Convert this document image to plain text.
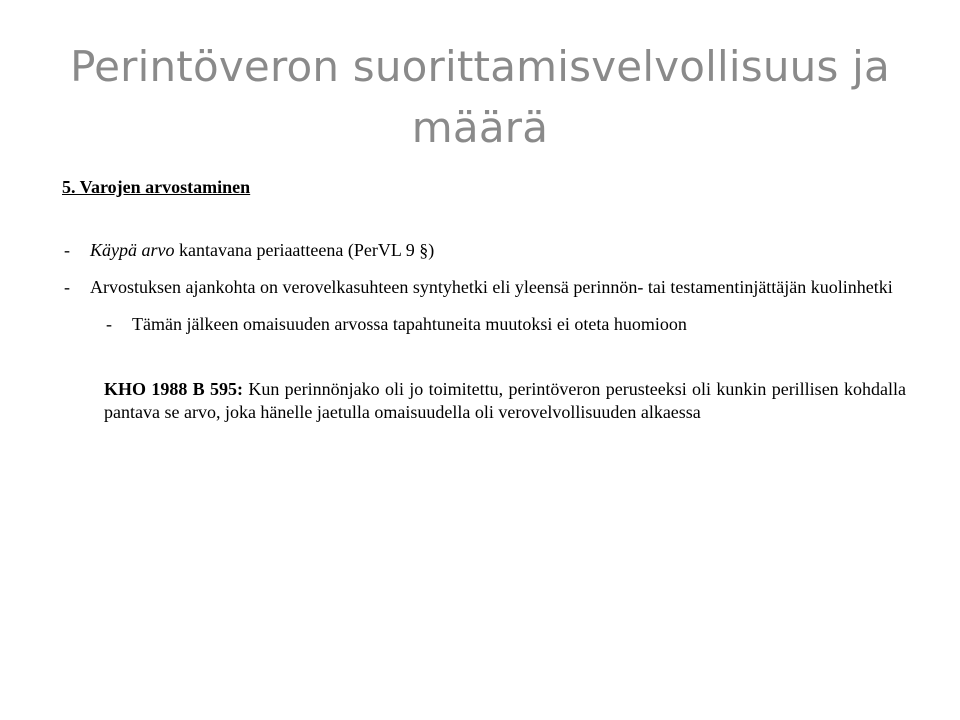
Perintöveron suorittamisvelvollisuus ja määrä
5. Varojen arvostaminen
-	Käypä arvo kantavana periaatteena (PerVL 9 §)
-	Arvostuksen ajankohta on verovelkasuhteen syntyhetki eli yleensä perinnön- tai testamentinjättäjän kuolinhetki
-	Tämän jälkeen omaisuuden arvossa tapahtuneita muutoksi ei oteta huomioon
KHO 1988 B 595: Kun perinnönjako oli jo toimitettu, perintöveron perusteeksi oli kunkin perillisen kohdalla pantava se arvo, joka hänelle jaetulla omaisuudella oli verovelvollisuuden alkaessa
